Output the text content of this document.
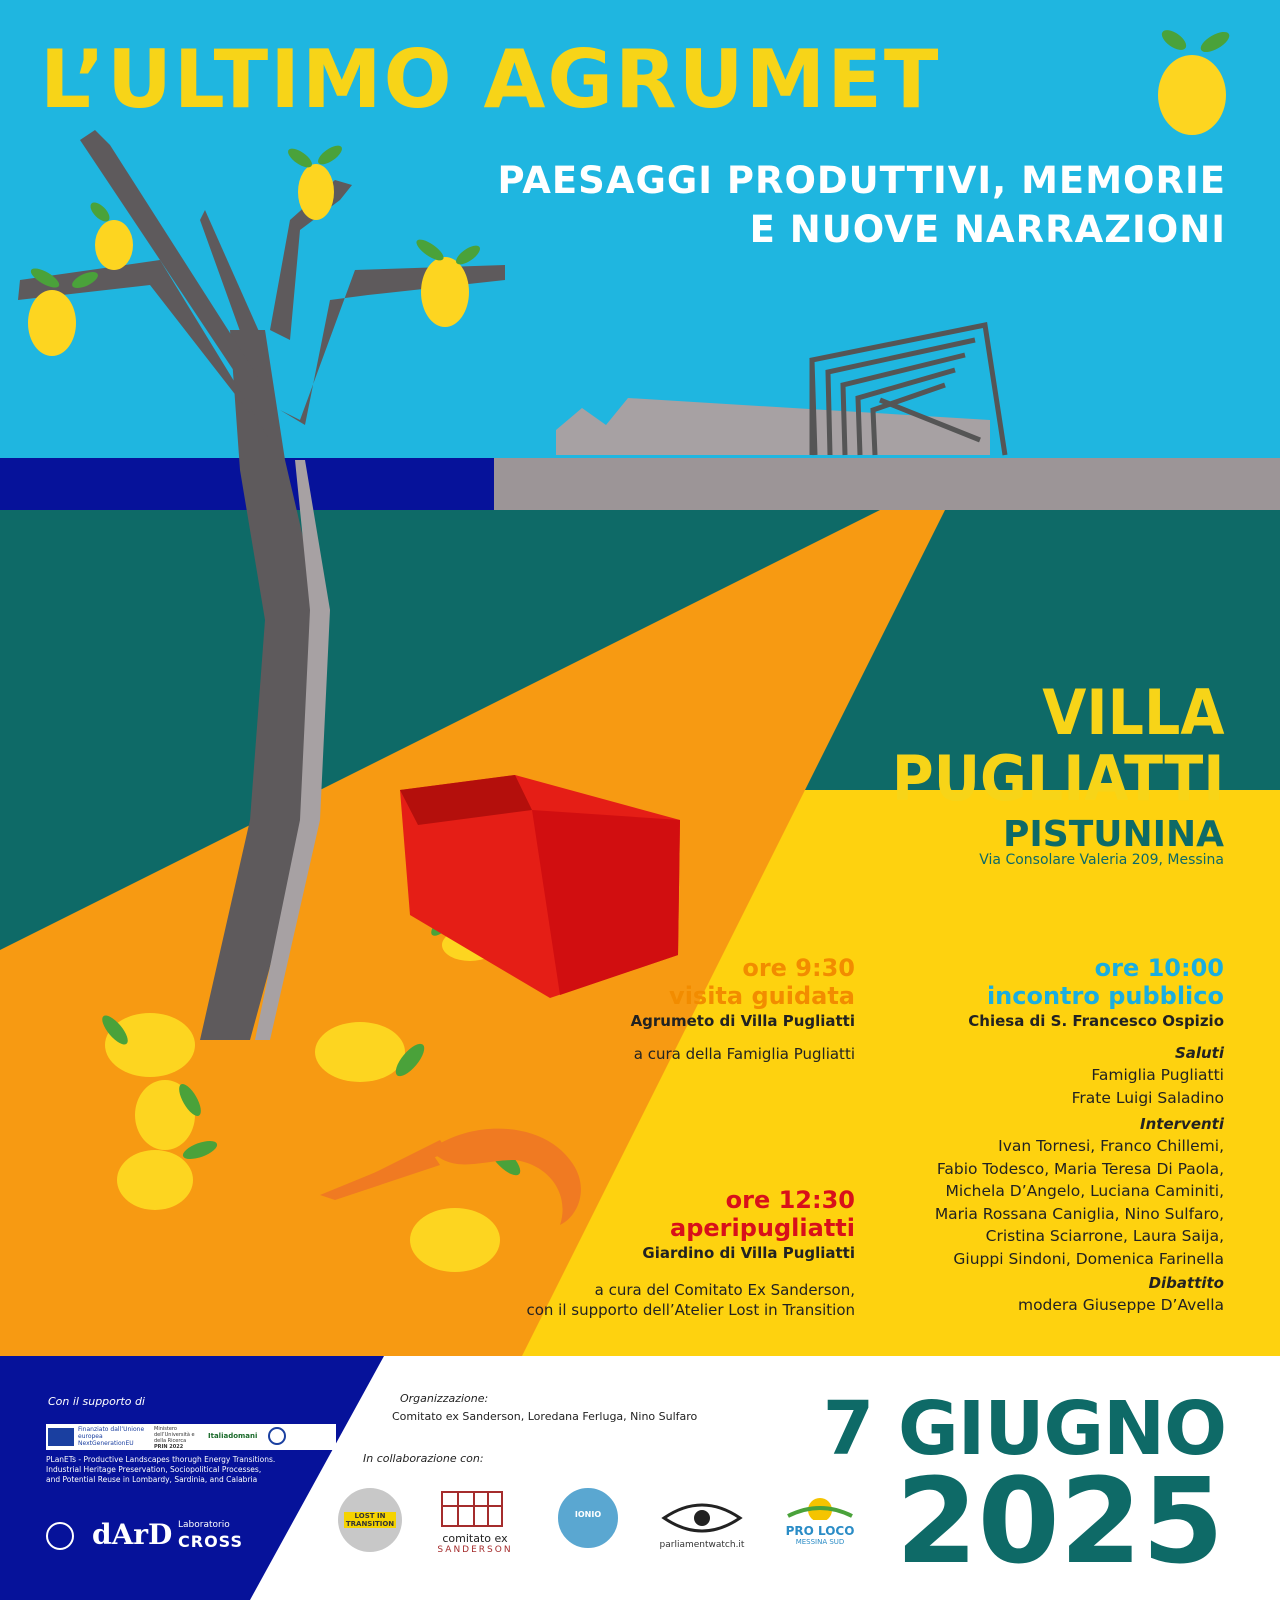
L’ULTIMO AGRUMET
PAESAGGI PRODUTTIVI, MEMORIE
E NUOVE NARRAZIONI
VILLA
PUGLIATTI
PISTUNINA
Via Consolare Valeria 209, Messina
ore 9:30
visita guidata
Agrumeto di Villa Pugliatti
a cura della Famiglia Pugliatti
ore 12:30
aperipugliatti
Giardino di Villa Pugliatti
a cura del Comitato Ex Sanderson,
con il supporto dell’Atelier Lost in Transition
ore 10:00
incontro pubblico
Chiesa di S. Francesco Ospizio
Saluti
Famiglia Pugliatti
Frate Luigi Saladino
Interventi
Ivan Tornesi, Franco Chillemi,
Fabio Todesco, Maria Teresa Di Paola,
Michela D’Angelo, Luciana Caminiti,
Maria Rossana Caniglia, Nino Sulfaro,
Cristina Sciarrone, Laura Saija,
Giuppi Sindoni, Domenica Farinella
Dibattito
modera Giuseppe D’Avella
Con il supporto di
Finanziato dall’Unione europea
NextGenerationEU
Ministero dell’Università e della Ricerca
PRIN 2022
Italiadomani
PLanETs - Productive Landscapes thorugh Energy Transitions.
Industrial Heritage Preservation, Sociopolitical Processes,
and Potential Reuse in Lombardy, Sardinia, and Calabria
dArD Laboratorio
CROSS
Organizzazione:
Comitato ex Sanderson, Loredana Ferluga, Nino Sulfaro
In collaborazione con:
LOST IN TRANSITION
comitato ex
SANDERSON
IONIO
parliamentwatch.it
PRO LOCO
MESSINA SUD
7 GIUGNO
2025
